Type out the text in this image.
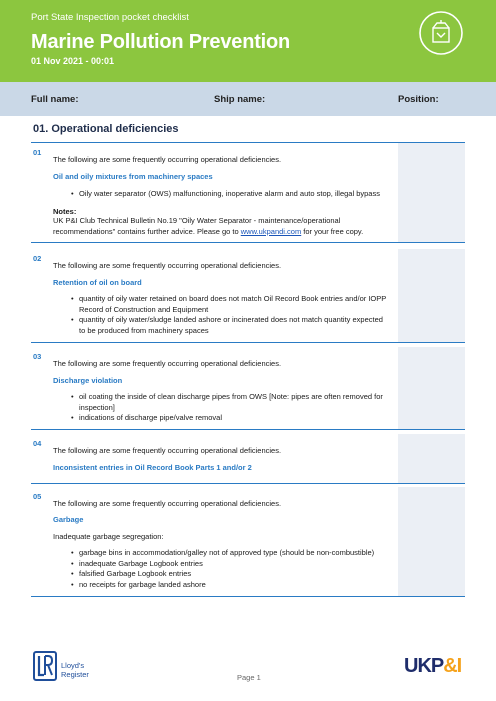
Port State Inspection pocket checklist
Marine Pollution Prevention
01 Nov 2021 - 00:01
Full name:	Ship name:	Position:
01. Operational deficiencies
01
The following are some frequently occurring operational deficiencies.
Oil and oily mixtures from machinery spaces
• Oily water separator (OWS) malfunctioning, inoperative alarm and auto stop, illegal bypass
Notes:
UK P&I Club Technical Bulletin No.19 "Oily Water Separator - maintenance/operational
recommendations" contains further advice. Please go to www.ukpandi.com for your free copy.
02
The following are some frequently occurring operational deficiencies.
Retention of oil on board
• quantity of oily water retained on board does not match Oil Record Book entries and/or IOPP Record of Construction and Equipment
• quantity of oily water/sludge landed ashore or incinerated does not match quantity expected to be produced from machinery spaces
03
The following are some frequently occurring operational deficiencies.
Discharge violation
• oil coating the inside of clean discharge pipes from OWS [Note: pipes are often removed for inspection]
• indications of discharge pipe/valve removal
04
The following are some frequently occurring operational deficiencies.
Inconsistent entries in Oil Record Book Parts 1 and/or 2
05
The following are some frequently occurring operational deficiencies.
Garbage
Inadequate garbage segregation:
• garbage bins in accommodation/galley not of approved type (should be non-combustible)
• inadequate Garbage Logbook entries
• falsified Garbage Logbook entries
• no receipts for garbage landed ashore
Lloyd's
Register	Page 1
UKP&I
